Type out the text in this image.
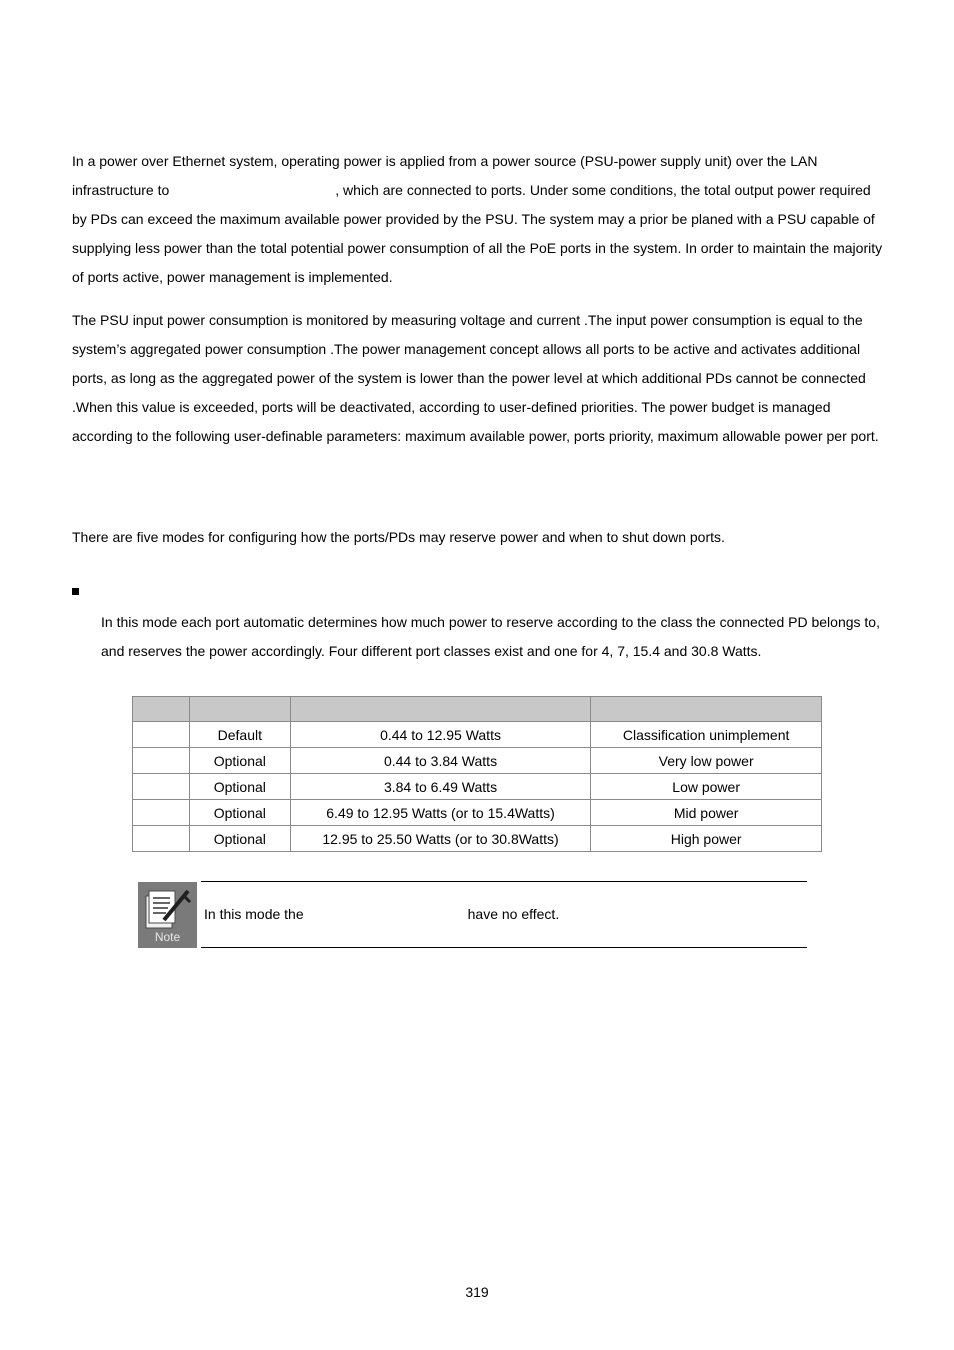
In a power over Ethernet system, operating power is applied from a power source (PSU-power supply unit) over the LAN infrastructure to	, which are connected to ports. Under some conditions, the total output power required by PDs can exceed the maximum available power provided by the PSU. The system may a prior be planed with a PSU capable of supplying less power than the total potential power consumption of all the PoE ports in the system. In order to maintain the majority of ports active, power management is implemented.

The PSU input power consumption is monitored by measuring voltage and current .The input power consumption is equal to the system’s aggregated power consumption .The power management concept allows all ports to be active and activates additional ports, as long as the aggregated power of the system is lower than the power level at which additional PDs cannot be connected .When this value is exceeded, ports will be deactivated, according to user-defined priorities. The power budget is managed according to the following user-definable parameters: maximum available power, ports priority, maximum allowable power per port.

There are five modes for configuring how the ports/PDs may reserve power and when to shut down ports.

In this mode each port automatic determines how much power to reserve according to the class the connected PD belongs to, and reserves the power accordingly. Four different port classes exist and one for 4, 7, 15.4 and 30.8 Watts.

	Default	0.44 to 12.95 Watts	Classification unimplement
	Optional	0.44 to 3.84 Watts	Very low power
	Optional	3.84 to 6.49 Watts	Low power
	Optional	6.49 to 12.95 Watts (or to 15.4Watts)	Mid power
	Optional	12.95 to 25.50 Watts (or to 30.8Watts)	High power
Note
In this mode the	have no effect.
319
